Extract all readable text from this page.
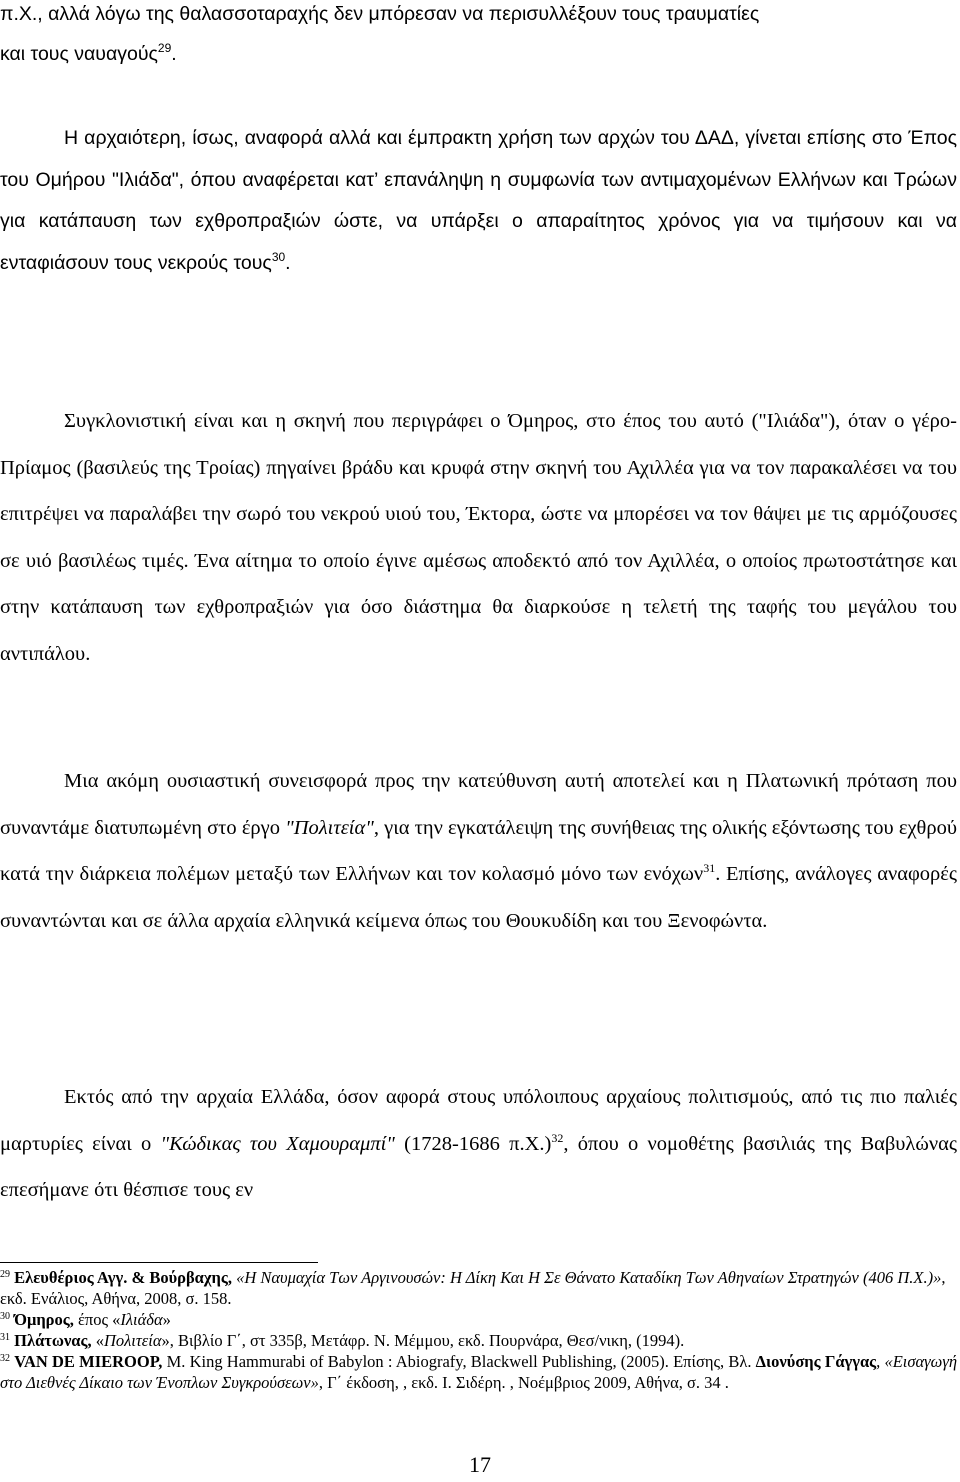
π.Χ., αλλά λόγω της θαλασσοταραχής δεν μπόρεσαν να περισυλλέξουν τους τραυματίες
και τους ναυαγούς$^{29}$.

Η αρχαιότερη, ίσως, αναφορά αλλά και έμπρακτη χρήση των αρχών του ΔΑΔ, γίνεται επίσης στο Έπος του Ομήρου "Ιλιάδα", όπου αναφέρεται κατ’ επανάληψη η συμφωνία των αντιμαχομένων Ελλήνων και Τρώων για κατάπαυση των εχθροπραξιών ώστε, να υπάρξει ο απαραίτητος χρόνος για να τιμήσουν και να ενταφιάσουν τους νεκρούς τους$^{30}$.

Συγκλονιστική είναι και η σκηνή που περιγράφει ο Όμηρος, στο έπος του αυτό ("Ιλιάδα"), όταν ο γέρο-Πρίαμος (βασιλεύς της Τροίας) πηγαίνει βράδυ και κρυφά στην σκηνή του Αχιλλέα για να τον παρακαλέσει να του επιτρέψει να παραλάβει την σωρό του νεκρού υιού του, Έκτορα, ώστε να μπορέσει να τον θάψει με τις αρμόζουσες σε υιό βασιλέως τιμές. Ένα αίτημα το οποίο έγινε αμέσως αποδεκτό από τον Αχιλλέα, ο οποίος πρωτοστάτησε και στην κατάπαυση των εχθροπραξιών για όσο διάστημα θα διαρκούσε η τελετή της ταφής του μεγάλου του αντιπάλου.

Μια ακόμη ουσιαστική συνεισφορά προς την κατεύθυνση αυτή αποτελεί και η Πλατωνική πρόταση που συναντάμε διατυπωμένη στο έργο "Πολιτεία", για την εγκατάλειψη της συνήθειας της ολικής εξόντωσης του εχθρού κατά την διάρκεια πολέμων μεταξύ των Ελλήνων και τον κολασμό μόνο των ενόχων$^{31}$. Επίσης, ανάλογες αναφορές συναντώνται και σε άλλα αρχαία ελληνικά κείμενα όπως του Θουκυδίδη και του Ξενοφώντα.

Εκτός από την αρχαία Ελλάδα, όσον αφορά στους υπόλοιπους αρχαίους πολιτισμούς, από τις πιο παλιές μαρτυρίες είναι ο "Κώδικας του Χαμουραμπί" (1728-1686 π.Χ.)$^{32}$, όπου ο νομοθέτης βασιλιάς της Βαβυλώνας επεσήμανε ότι θέσπισε τους εν

$^{29}$ Ελευθέριος Αγγ. & Βούρβαχης, «Η Ναυμαχία Των Αργινουσών: Η Δίκη Και Η Σε Θάνατο Καταδίκη Των Αθηναίων Στρατηγών (406 Π.Χ.)», εκδ. Ενάλιος, Αθήνα, 2008, σ. 158.

$^{30}$ Όμηρος, έπος «Ιλιάδα»

$^{31}$ Πλάτωνας, «Πολιτεία», Βιβλίο Γ΄, στ 335β, Μετάφρ. Ν. Μέμμου, εκδ. Πουρνάρα, Θεσ/νικη, (1994).

$^{32}$ VAN DE MIEROOP, M. King Hammurabi of Babylon : Abiografy, Blackwell Publishing, (2005). Επίσης, Βλ. Διονύσης Γάγγας, «Εισαγωγή στο Διεθνές Δίκαιο των Ένοπλων Συγκρούσεων», Γ΄ έκδοση, , εκδ. Ι. Σιδέρη. , Νοέμβριος 2009, Αθήνα, σ. 34 .

17
